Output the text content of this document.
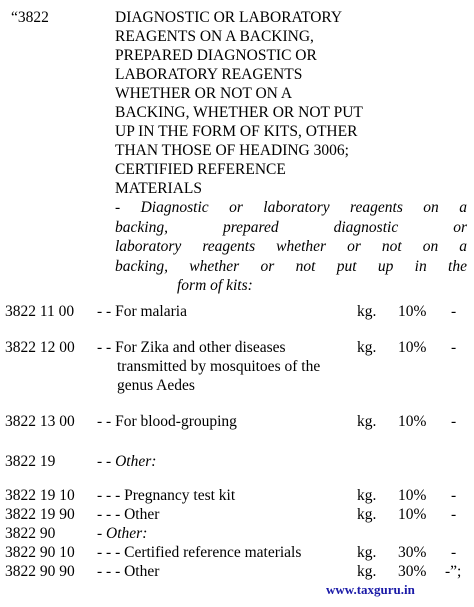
“3822	DIAGNOSTIC OR LABORATORY
REAGENTS ON A BACKING,
PREPARED DIAGNOSTIC OR
LABORATORY REAGENTS
WHETHER OR NOT ON A
BACKING, WHETHER OR NOT PUT
UP IN THE FORM OF KITS, OTHER
THAN THOSE OF HEADING 3006;
CERTIFIED REFERENCE
MATERIALS
- Diagnostic or laboratory reagents on a
backing, prepared diagnostic or
laboratory reagents whether or not on a
backing, whether or not put up in the
form of kits:
3822 11 00 - - For malaria	kg. 10% -
3822 12 00 - - For Zika and other diseases
transmitted by mosquitoes of the
genus Aedes
kg. 10% -
3822 13 00 - - For blood-grouping	kg. 10% -
3822 19	- - Other:
3822 19 10 - - - Pregnancy test kit	kg. 10% -
3822 19 90 - - - Other	kg. 10% -
3822 90	- Other:
3822 90 10 - - - Certified reference materials	kg. 30% -
3822 90 90 - - - Other	kg. 30% -”;
www.taxguru.in
